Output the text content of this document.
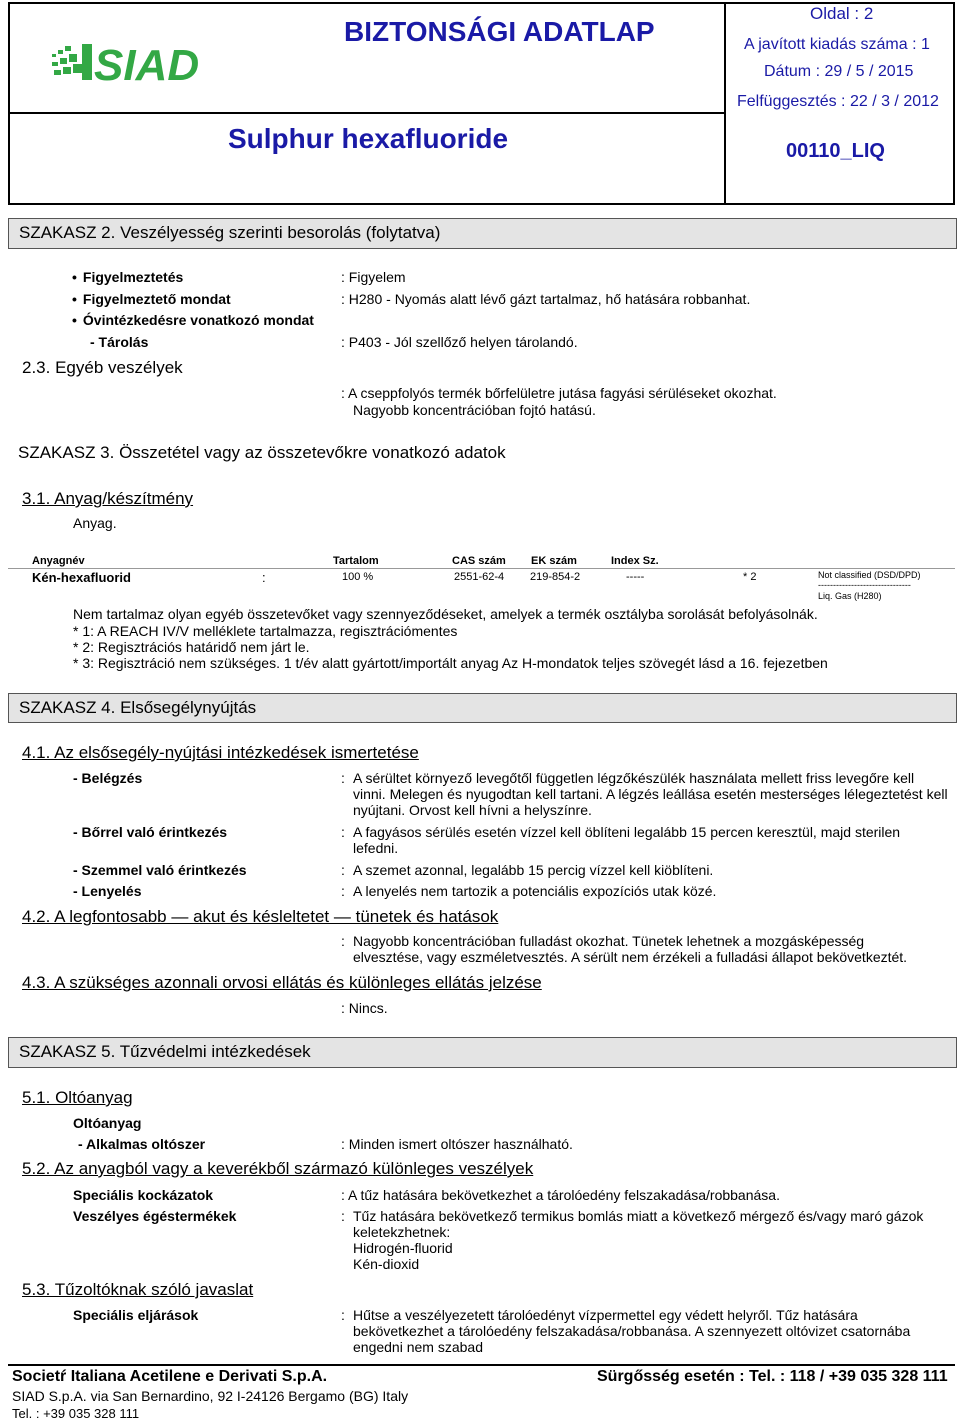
SIAD
BIZTONSÁGI ADATLAP
Sulphur hexafluoride
Oldal : 2
A javított kiadás száma : 1
Dátum : 29 / 5 / 2015
Felfüggesztés : 22 / 3 / 2012
00110_LIQ
SZAKASZ 2. Veszélyesség szerinti besorolás (folytatva)
• Figyelmeztetés	: Figyelem
• Figyelmeztető mondat	: H280 - Nyomás alatt lévő gázt tartalmaz, hő hatására robbanhat.
• Óvintézkedésre vonatkozó mondat
- Tárolás	: P403 - Jól szellőző helyen tárolandó.
2.3. Egyéb veszélyek
: A cseppfolyós termék bőrfelületre jutása fagyási sérüléseket okozhat.
Nagyobb koncentrációban fojtó hatású.
SZAKASZ 3. Összetétel vagy az összetevőkre vonatkozó adatok
3.1. Anyag/készítmény
Anyag.
Anyagnév	Tartalom	CAS szám EK szám	Index Sz.
Kén-hexafluorid	:	100 %	2551-62-4 219-854-2	-----	* 2	Not classified (DSD/DPD)
-------------------------------
Liq. Gas (H280)
Nem tartalmaz olyan egyéb összetevőket vagy szennyeződéseket, amelyek a termék osztályba sorolását befolyásolnák.
* 1: A REACH IV/V melléklete tartalmazza, regisztrációmentes
* 2: Regisztrációs határidő nem járt le.
* 3: Regisztráció nem szükséges. 1 t/év alatt gyártott/importált anyag Az H-mondatok teljes szövegét lásd a 16. fejezetben
SZAKASZ 4. Elsősegélynyújtás
4.1. Az elsősegély-nyújtási intézkedések ismertetése
- Belégzés	: A sérültet környező levegőtől független légzőkészülék használata mellett friss levegőre kell vinni. Melegen és nyugodtan kell tartani. A légzés leállása esetén mesterséges lélegeztetést kell nyújtani. Orvost kell hívni a helyszínre.
- Bőrrel való érintkezés	: A fagyásos sérülés esetén vízzel kell öblíteni legalább 15 percen keresztül, majd sterilen lefedni.
- Szemmel való érintkezés	: A szemet azonnal, legalább 15 percig vízzel kell kiöblíteni.
- Lenyelés	: A lenyelés nem tartozik a potenciális expozíciós utak közé.
4.2. A legfontosabb — akut és késleltetet — tünetek és hatások
: Nagyobb koncentrációban fulladást okozhat. Tünetek lehetnek a mozgásképesség elvesztése, vagy eszméletvesztés. A sérült nem érzékeli a fulladási állapot bekövetkeztét.
4.3. A szükséges azonnali orvosi ellátás és különleges ellátás jelzése
: Nincs.
SZAKASZ 5. Tűzvédelmi intézkedések
5.1. Oltóanyag
Oltóanyag
- Alkalmas oltószer	: Minden ismert oltószer használható.
5.2. Az anyagból vagy a keverékből származó különleges veszélyek
Speciális kockázatok	: A tűz hatására bekövetkezhet a tárolóedény felszakadása/robbanása.
Veszélyes égéstermékek	: Tűz hatására bekövetkező termikus bomlás miatt a következő mérgező és/vagy maró gázok keletekzhetnek:
Hidrogén-fluorid
Kén-dioxid
5.3. Tűzoltóknak szóló javaslat
Speciális eljárások	: Hűtse a veszélyezetett tárolóedényt vízpermettel egy védett helyről. Tűz hatására bekövetkezhet a tárolóedény felszakadása/robbanása. A szennyezett oltóvizet csatornába engedni nem szabad
Societŕ Italiana Acetilene e Derivati S.p.A.
SIAD S.p.A. via San Bernardino, 92 I-24126 Bergamo (BG) Italy
Tel. : +39 035 328 111
Sürgősség esetén : Tel. : 118 / +39 035 328 111
